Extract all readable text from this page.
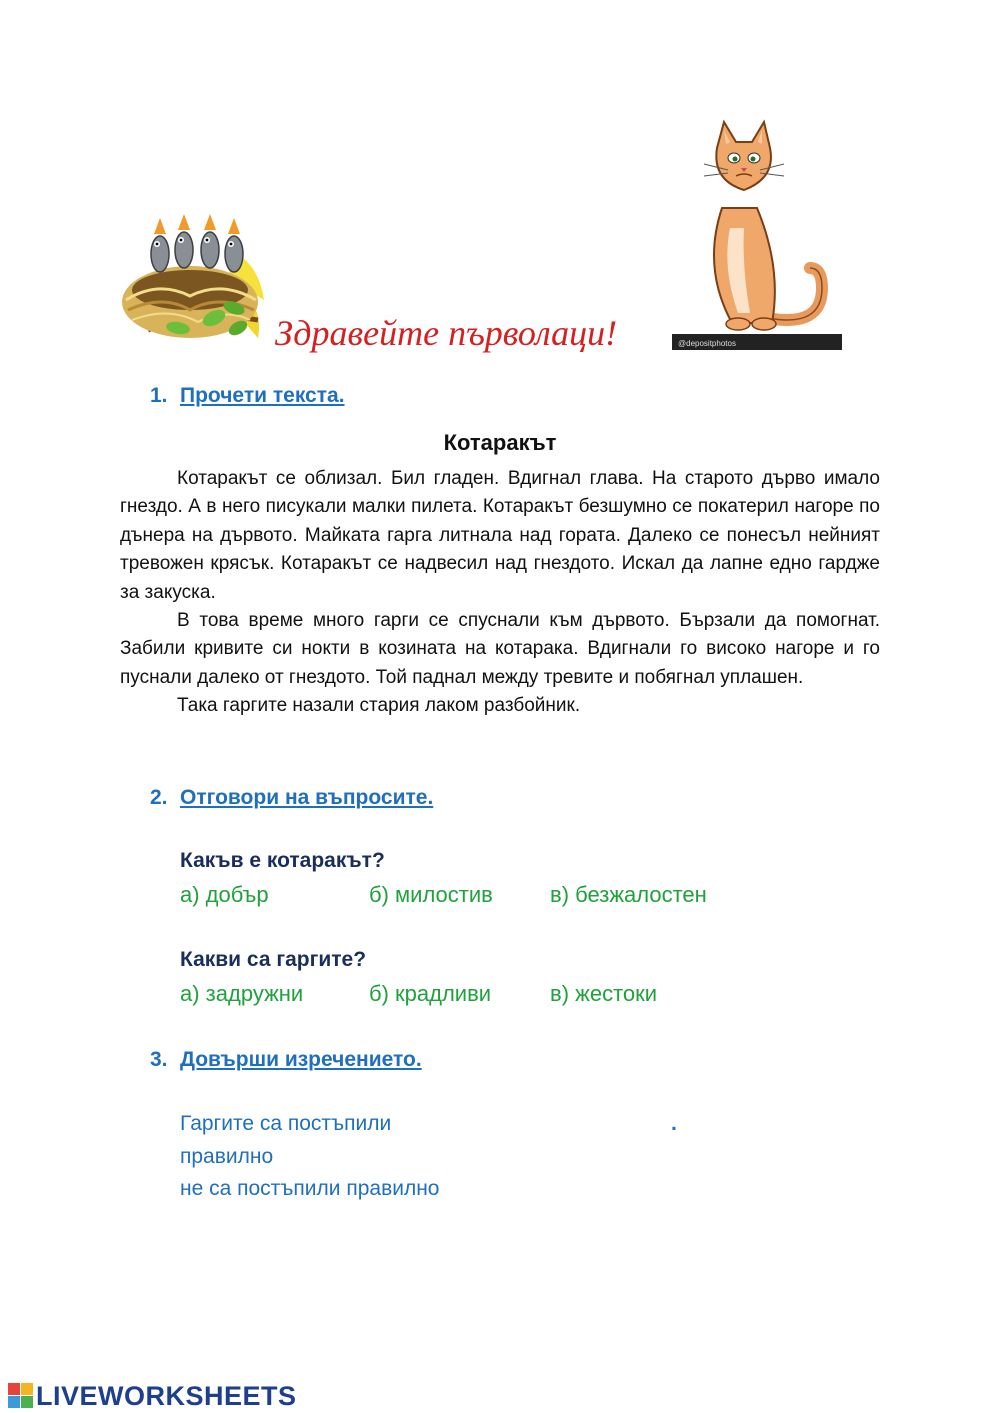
Здравейте първолаци!	@depositphotos
1. Прочети текста.
Котаракът

Котаракът се облизал. Бил гладен. Вдигнал глава. На старото дърво имало гнездо. А в него писукали малки пилета. Котаракът безшумно се покатерил нагоре по дънера на дървото. Майката гарга литнала над гората. Далеко се понесъл нейният тревожен крясък. Котаракът се надвесил над гнездото. Искал да лапне едно гардже за закуска.

В това време много гарги се спуснали към дървото. Бързали да помогнат. Забили кривите си нокти в козината на котарака. Вдигнали го високо нагоре и го пуснали далеко от гнездото. Той паднал между тревите и побягнал уплашен.

Така гаргите назали стария лаком разбойник.

2. Отговори на въпросите.
Какъв е котаракът?
а) добър	б) милостив	в) безжалостен
Какви са гаргите?
а) задружни	б) крадливи	в) жестоки
3. Довърши изречението.
Гаргите са постъпили	.
правилно
не са постъпили правилно
LIVEWORKSHEETS
